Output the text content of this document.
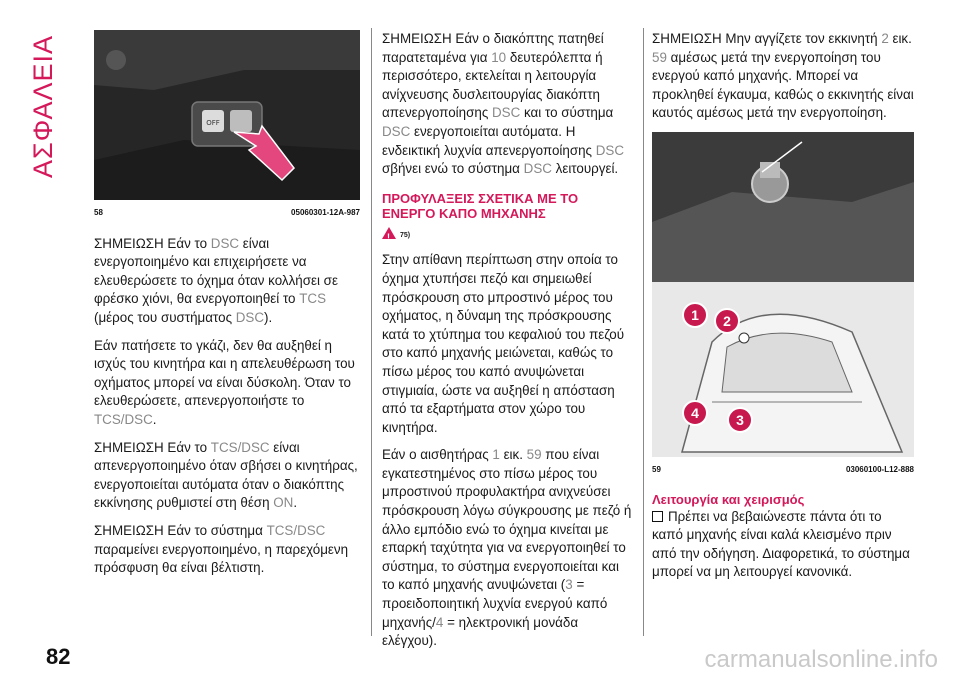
ΑΣΦΑΛΕΙΑ	OFF
58	05060301-12A-987

ΣΗΜΕΙΩΣΗ Εάν το DSC είναι ενεργοποιημένο και επιχειρήσετε να ελευθερώσετε το όχημα όταν κολλήσει σε φρέσκο χιόνι, θα ενεργοποιηθεί το TCS (μέρος του συστήματος DSC).

Εάν πατήσετε το γκάζι, δεν θα αυξηθεί η ισχύς του κινητήρα και η απελευθέρωση του οχήματος μπορεί να είναι δύσκολη. Όταν το ελευθερώσετε, απενεργοποιήστε το TCS/DSC.

ΣΗΜΕΙΩΣΗ Εάν το TCS/DSC είναι απενεργοποιημένο όταν σβήσει ο κινητήρας, ενεργοποιείται αυτόματα όταν ο διακόπτης εκκίνησης ρυθμιστεί στη θέση ON.

ΣΗΜΕΙΩΣΗ Εάν το σύστημα TCS/DSC παραμείνει ενεργοποιημένο, η παρεχόμενη πρόσφυση θα είναι βέλτιστη.

ΣΗΜΕΙΩΣΗ Εάν ο διακόπτης πατηθεί παρατεταμένα για 10 δευτερόλεπτα ή περισσότερο, εκτελείται η λειτουργία ανίχνευσης δυσλειτουργίας διακόπτη απενεργοποίησης DSC και το σύστημα DSC ενεργοποιείται αυτόματα. Η ενδεικτική λυχνία απενεργοποίησης DSC σβήνει ενώ το σύστημα DSC λειτουργεί.

ΠΡΟΦΥΛΑΞΕΙΣ ΣΧΕΤΙΚΑ ΜΕ ΤΟ ΕΝΕΡΓΟ ΚΑΠΟ ΜΗΧΑΝΗΣ
!
75)

Στην απίθανη περίπτωση στην οποία το όχημα χτυπήσει πεζό και σημειωθεί πρόσκρουση στο μπροστινό μέρος του οχήματος, η δύναμη της πρόσκρουσης κατά το χτύπημα του κεφαλιού του πεζού στο καπό μηχανής μειώνεται, καθώς το πίσω μέρος του καπό ανυψώνεται στιγμιαία, ώστε να αυξηθεί η απόσταση από τα εξαρτήματα στον χώρο του κινητήρα.

Εάν ο αισθητήρας 1 εικ. 59 που είναι εγκατεστημένος στο πίσω μέρος του μπροστινού προφυλακτήρα ανιχνεύσει πρόσκρουση λόγω σύγκρουσης με πεζό ή άλλο εμπόδιο ενώ το όχημα κινείται με επαρκή ταχύτητα για να ενεργοποιηθεί το σύστημα, το σύστημα ενεργοποιείται και το καπό μηχανής ανυψώνεται (3 = προειδοποιητική λυχνία ενεργού καπό μηχανής/4 = ηλεκτρονική μονάδα ελέγχου).

ΣΗΜΕΙΩΣΗ Μην αγγίζετε τον εκκινητή 2 εικ. 59 αμέσως μετά την ενεργοποίηση του ενεργού καπό μηχανής. Μπορεί να προκληθεί έγκαυμα, καθώς ο εκκινητής είναι καυτός αμέσως μετά την ενεργοποίηση.

1	2
3
4
59	03060100-L12-888
Λειτουργία και χειρισμός

Πρέπει να βεβαιώνεστε πάντα ότι το καπό μηχανής είναι καλά κλεισμένο πριν από την οδήγηση. Διαφορετικά, το σύστημα μπορεί να μη λειτουργεί κανονικά.

82	carmanualsonline.info
